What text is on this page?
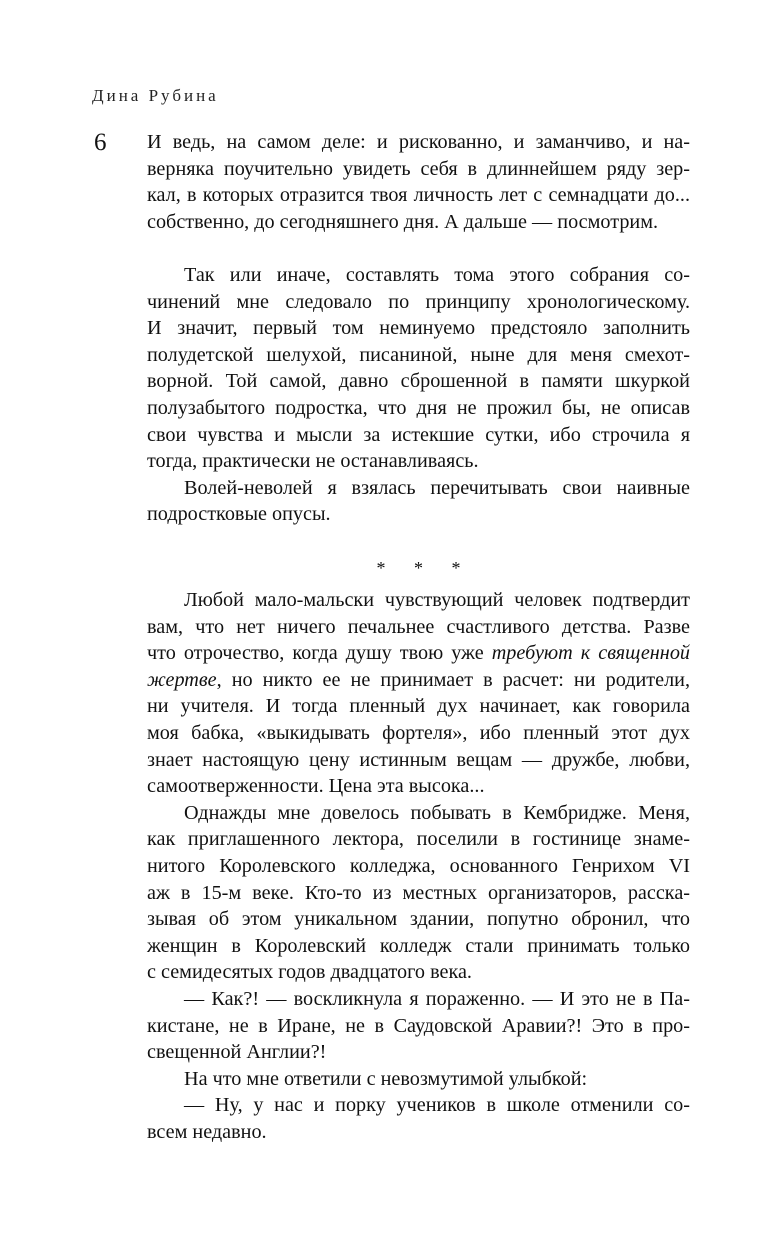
Дина Рубина
6 И ведь, на самом деле: и рискованно, и заманчиво, и на-
верняка поучительно увидеть себя в длиннейшем ряду зер-
кал, в которых отразится твоя личность лет с семнадцати до...
собственно, до сегодняшнего дня. А дальше — посмотрим.
Так или иначе, составлять тома этого собрания со-
чинений мне следовало по принципу хронологическому.
И значит, первый том неминуемо предстояло заполнить
полудетской шелухой, писаниной, ныне для меня смехот-
ворной. Той самой, давно сброшенной в памяти шкуркой
полузабытого подростка, что дня не прожил бы, не описав
свои чувства и мысли за истекшие сутки, ибо строчила я
тогда, практически не останавливаясь.
Волей-неволей я взялась перечитывать свои наивные
подростковые опусы.
* * *
Любой мало-мальски чувствующий человек подтвердит
вам, что нет ничего печальнее счастливого детства. Разве
что отрочество, когда душу твою уже требуют к священной
жертве, но никто ее не принимает в расчет: ни родители,
ни учителя. И тогда пленный дух начинает, как говорила
моя бабка, «выкидывать фортеля», ибо пленный этот дух
знает настоящую цену истинным вещам — дружбе, любви,
самоотверженности. Цена эта высока...
Однажды мне довелось побывать в Кембридже. Меня,
как приглашенного лектора, поселили в гостинице знаме-
нитого Королевского колледжа, основанного Генрихом VI
аж в 15-м веке. Кто-то из местных организаторов, расска-
зывая об этом уникальном здании, попутно обронил, что
женщин в Королевский колледж стали принимать только
с семидесятых годов двадцатого века.
— Как?! — воскликнула я пораженно. — И это не в Па-
кистане, не в Иране, не в Саудовской Аравии?! Это в про-
свещенной Англии?!
На что мне ответили с невозмутимой улыбкой:
— Ну, у нас и порку учеников в школе отменили со-
всем недавно.
